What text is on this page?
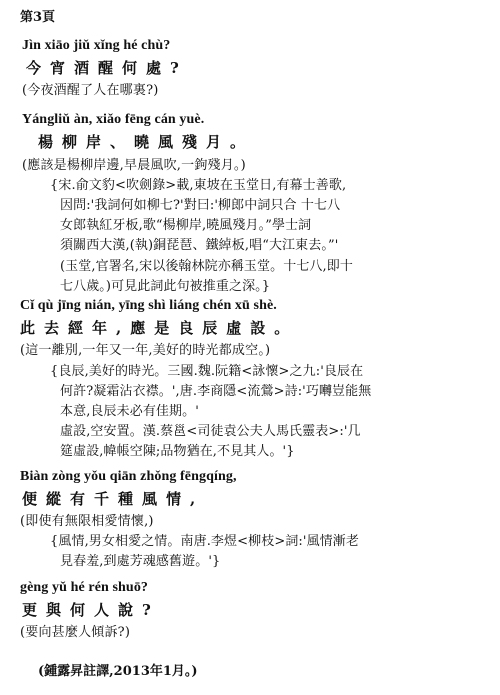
第3頁
Jìn xiāo jiǔ xǐng hé chù?
今宵酒醒何處?
(今夜酒醒了人在哪裏?)
Yángliǔ àn, xiǎo fēng cán yuè.
楊柳岸、曉風殘月。
(應該是楊柳岸邊,早晨風吹,一鉤殘月。)
{宋.俞文豹<吹劍錄>載,東坡在玉堂日,有幕士善歌,
因問:'我詞何如柳七?'對曰:'柳郎中詞只合 十七八
女郎執紅牙板,歌“楊柳岸,曉風殘月。”學士詞
須關西大漢,(執)銅琵琶、鐵綽板,唱“大江東去。”'
(玉堂,官署名,宋以後翰林院亦稱玉堂。十七八,即十
七八歲。)可見此詞此句被推重之深。}
Cǐ qù jīng nián, yīng shì liáng chén xū shè.
此去經年,應是良辰虛設。
(這一離別,一年又一年,美好的時光都成空。)
{良辰,美好的時光。三國.魏.阮籍<詠懷>之九:'良辰在
何許?凝霜沾衣襟。',唐.李商隱<流鶯>詩:'巧囀豈能無
本意,良辰未必有佳期。'
虛設,空安置。漢.蔡邕<司徒袁公夫人馬氏靈表>:'几
筵虛設,幃帳空陳;品物猶在,不見其人。'}
Biàn zòng yǒu qiān zhǒng fēngqíng,
便縱有千種風情,
(即使有無限相愛情懷,)
{風情,男女相愛之情。南唐.李煜<柳枝>詞:'風情漸老
見春羞,到處芳魂感舊遊。'}
gèng yǔ hé rén shuō?
更與何人說?
(要向甚麼人傾訴?)
(鍾露昇註譯,2013年1月。)
